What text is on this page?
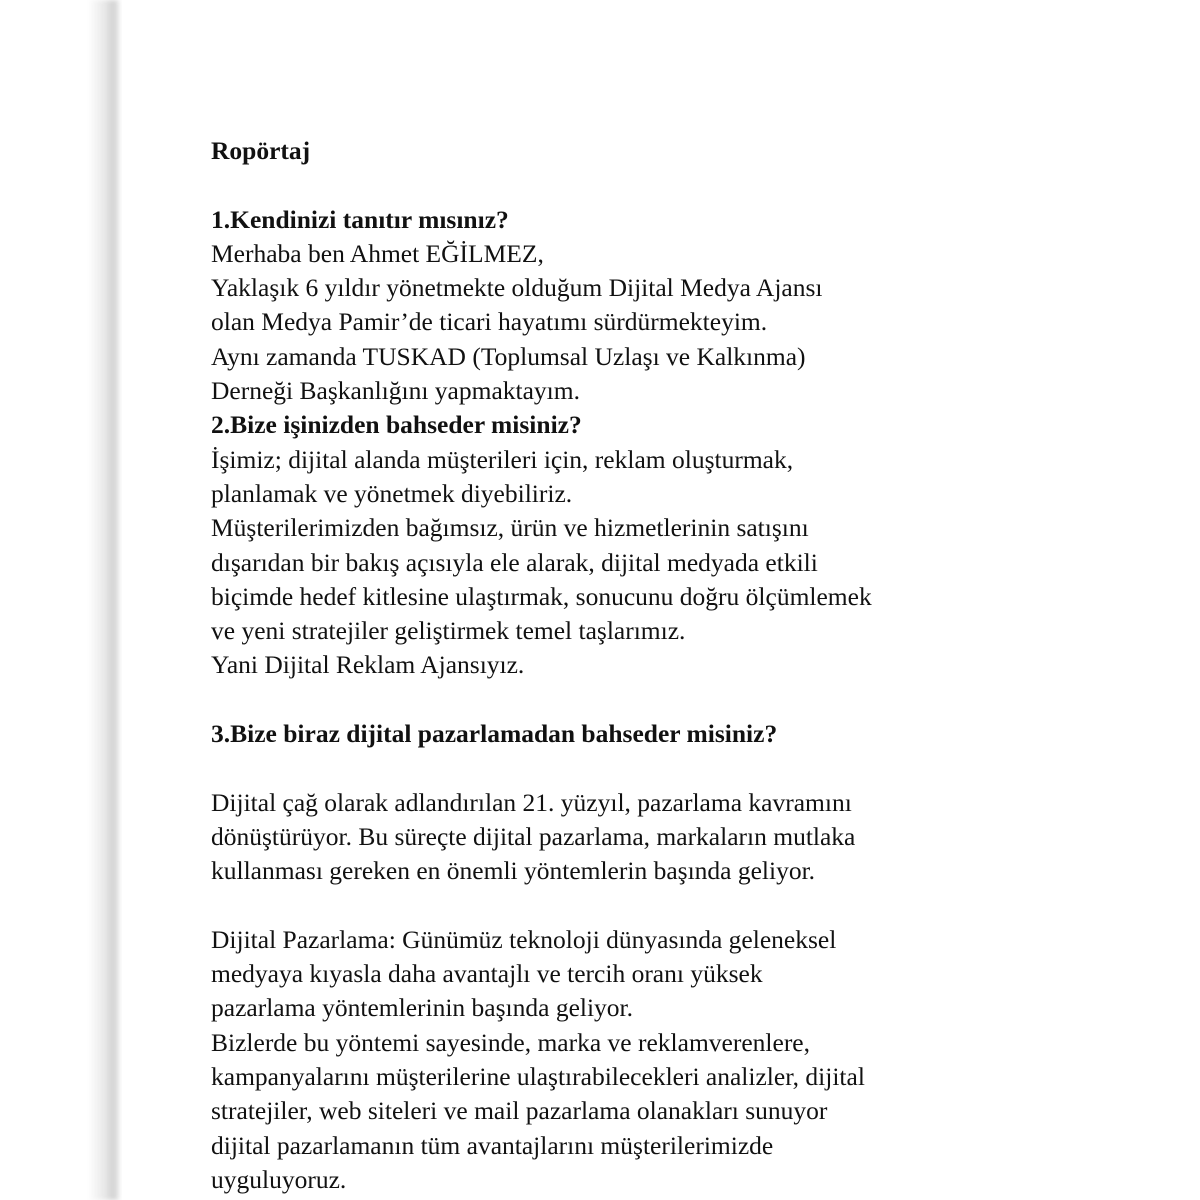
Ropörtaj
1.Kendinizi tanıtır mısınız?
Merhaba ben Ahmet EĞİLMEZ,
Yaklaşık 6 yıldır yönetmekte olduğum Dijital Medya Ajansı
olan Medya Pamir’de ticari hayatımı sürdürmekteyim.
Aynı zamanda TUSKAD (Toplumsal Uzlaşı ve Kalkınma)
Derneği Başkanlığını yapmaktayım.
2.Bize işinizden bahseder misiniz?
İşimiz; dijital alanda müşterileri için, reklam oluşturmak,
planlamak ve yönetmek diyebiliriz.
Müşterilerimizden bağımsız, ürün ve hizmetlerinin satışını
dışarıdan bir bakış açısıyla ele alarak, dijital medyada etkili
biçimde hedef kitlesine ulaştırmak, sonucunu doğru ölçümlemek
ve yeni stratejiler geliştirmek temel taşlarımız.
Yani Dijital Reklam Ajansıyız.
3.Bize biraz dijital pazarlamadan bahseder misiniz?
Dijital çağ olarak adlandırılan 21. yüzyıl, pazarlama kavramını
dönüştürüyor. Bu süreçte dijital pazarlama, markaların mutlaka
kullanması gereken en önemli yöntemlerin başında geliyor.
Dijital Pazarlama: Günümüz teknoloji dünyasında geleneksel
medyaya kıyasla daha avantajlı ve tercih oranı yüksek
pazarlama yöntemlerinin başında geliyor.
Bizlerde bu yöntemi sayesinde, marka ve reklamverenlere,
kampanyalarını müşterilerine ulaştırabilecekleri analizler, dijital
stratejiler, web siteleri ve mail pazarlama olanakları sunuyor
dijital pazarlamanın tüm avantajlarını müşterilerimizde
uyguluyoruz.
